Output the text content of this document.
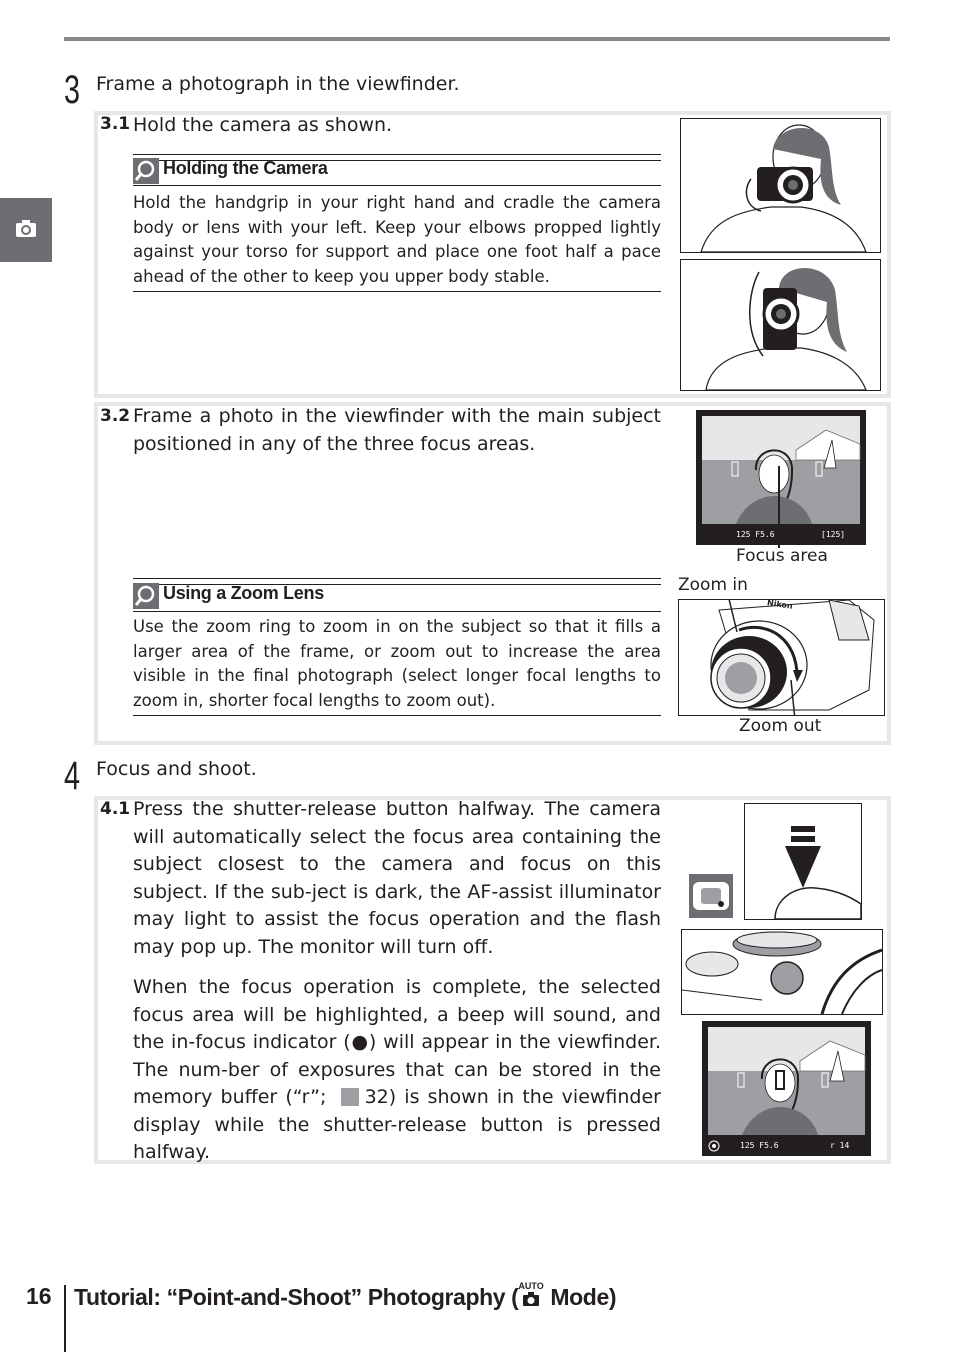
3 Frame a photograph in the viewfinder.
3.1 Hold the camera as shown.
Holding the Camera
Hold the handgrip in your right hand and cradle the camera body or lens with your left. Keep your elbows propped lightly against your torso for support and place one foot half a pace ahead of the other to keep you upper body stable.
3.2 Frame a photo in the viewfinder with the main subject positioned in any of the three focus areas.
125 F5.6	[125]
Focus area
Using a Zoom Lens
Use the zoom ring to zoom in on the subject so that it fills a larger area of the frame, or zoom out to increase the area visible in the final photograph (select longer focal lengths to zoom in, shorter focal lengths to zoom out).
Zoom in
Nikon
Zoom out
4 Focus and shoot.
4.1 Press the shutter-release button halfway. The camera will automatically select the focus area containing the subject closest to the camera and focus on this subject. If the sub-ject is dark, the AF-assist illuminator may light to assist the focus operation and the flash may pop up. The monitor will turn off.
When the focus operation is complete, the selected focus area will be highlighted, a beep will sound, and the in-focus indicator (●) will appear in the viewfinder. The num-ber of exposures that can be stored in the memory buffer (“r”; 32) is shown in the viewfinder display while the shutter-release button is pressed halfway.	125 F5.6	r 14
16 Tutorial: “Point-and-Shoot” Photography ( AUTO Mode)
